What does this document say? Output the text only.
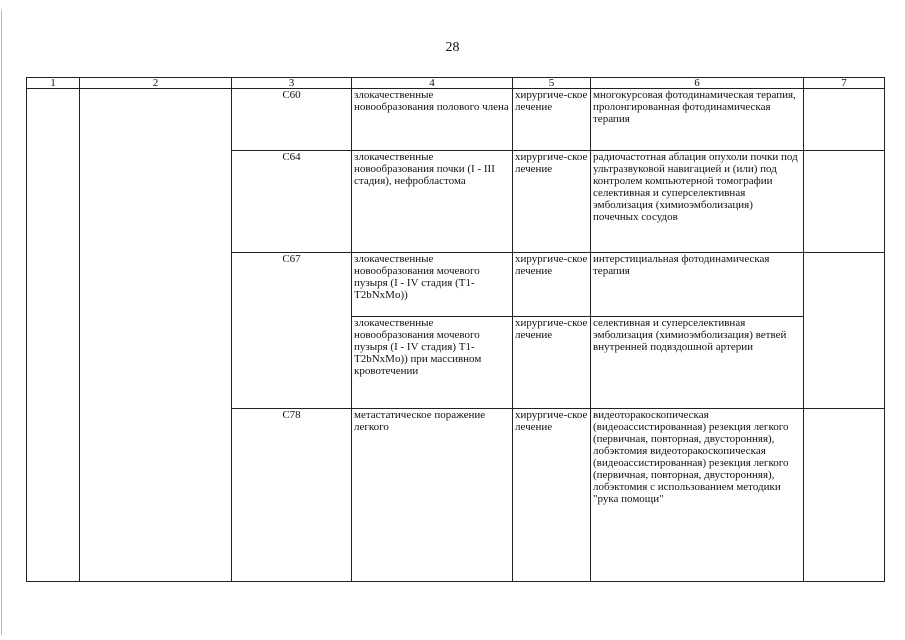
28
1	2	3	4	5	6	7
		С60	злокачественные новообразования полового члена	хирургиче-ское лечение	многокурсовая фотодинамическая терапия, пролонгированная фотодинамическая терапия	
		С64	злокачественные новообразования почки (I - III стадия), нефробластома	хирургиче-ское лечение	радиочастотная аблация опухоли почки под ультразвуковой навигацией и (или) под контролем компьютерной томографии селективная и суперселективная эмболизация (химиоэмболизация) почечных сосудов	
		С67	злокачественные новообразования мочевого пузыря (I - IV стадия (T1-T2bNxMo))	хирургиче-ское лечение	интерстициальная фотодинамическая терапия	
			злокачественные новообразования мочевого пузыря (I - IV стадия) T1-T2bNxMo)) при массивном кровотечении	хирургиче-ское лечение	селективная и суперселективная эмболизация (химиоэмболизация) ветвей внутренней подвздошной артерии	
		С78	метастатическое поражение легкого	хирургиче-ское лечение	видеоторакоскопическая (видеоассистированная) резекция легкого (первичная, повторная, двусторонняя), лобэктомия видеоторакоскопическая (видеоассистированная) резекция легкого (первичная, повторная, двусторонняя), лобэктомия с использованием методики "рука помощи"	
